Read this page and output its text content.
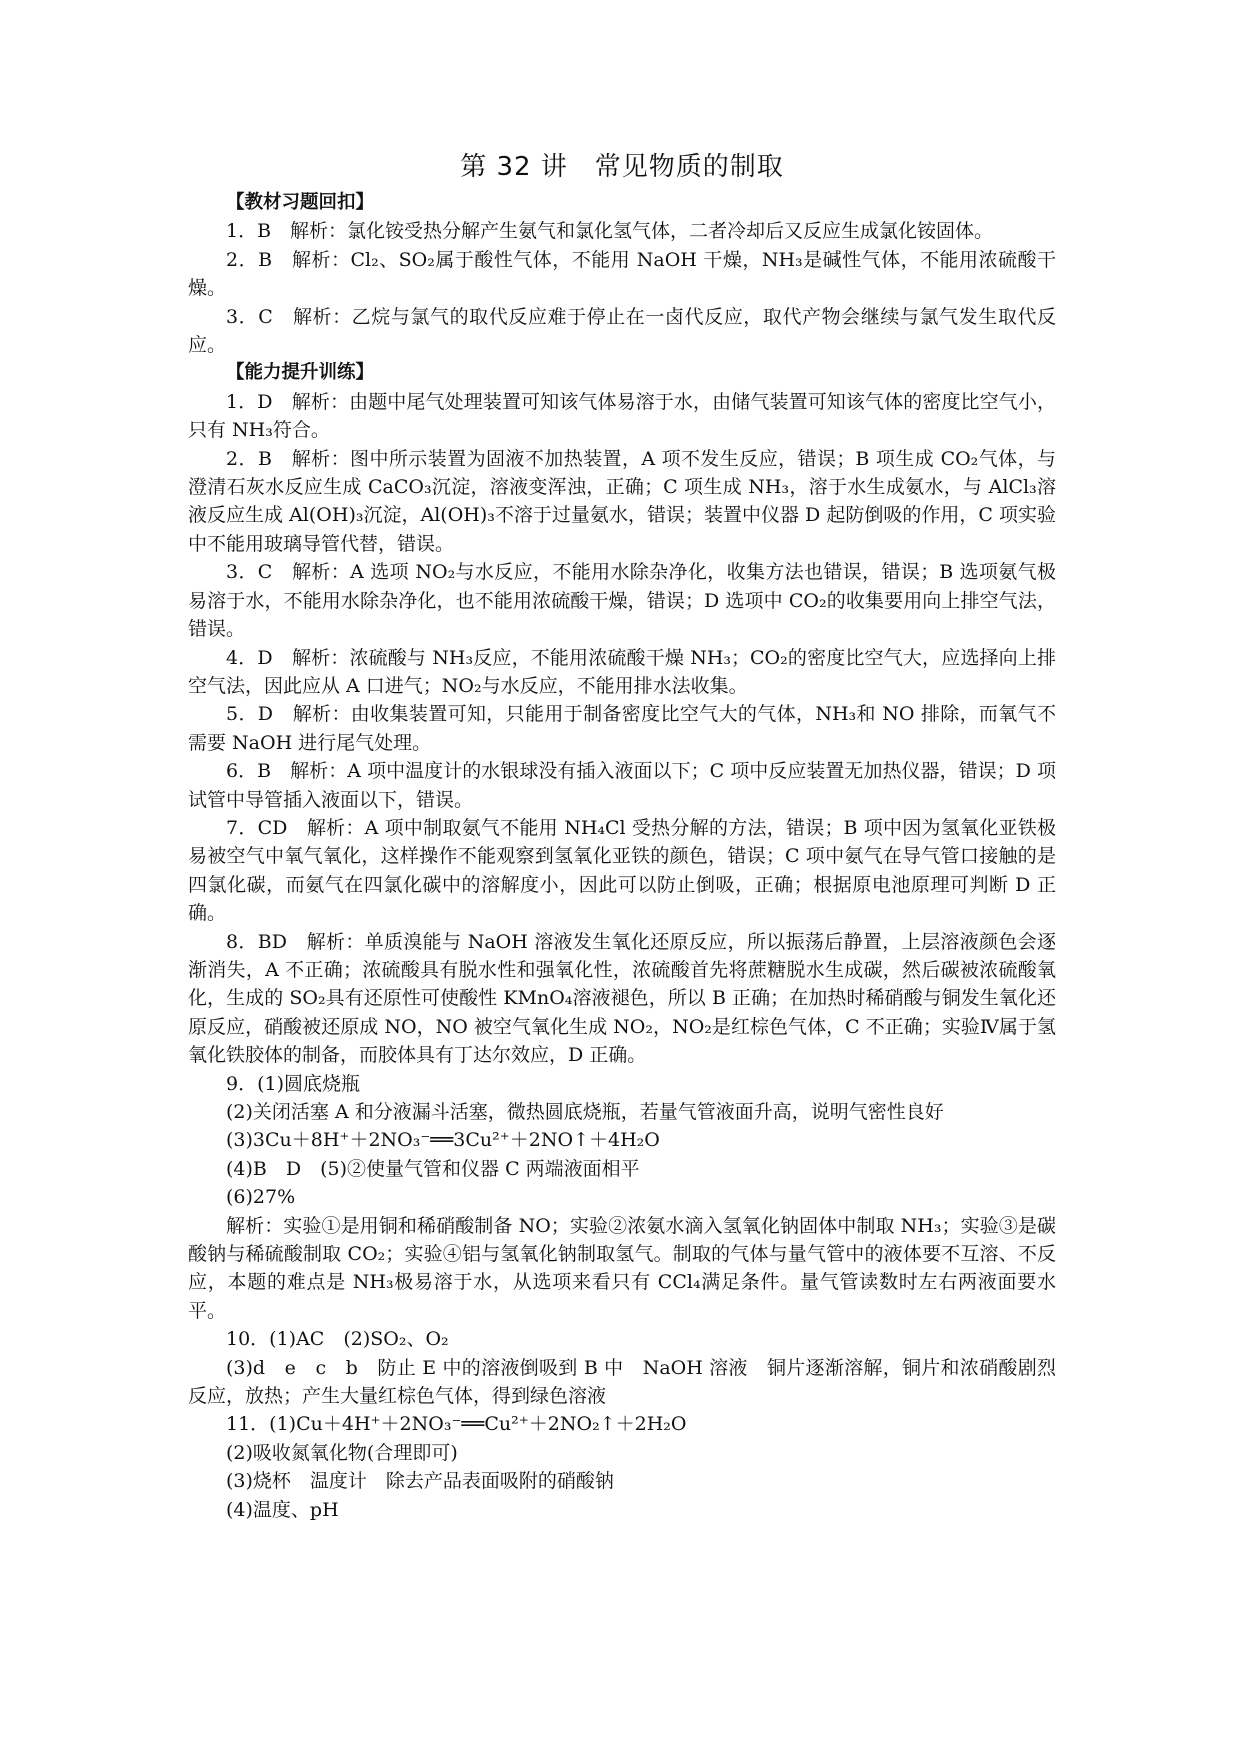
第 32 讲　常见物质的制取
【教材习题回扣】

1．B　解析：氯化铵受热分解产生氨气和氯化氢气体，二者冷却后又反应生成氯化铵固体。

2．B　解析：Cl₂、SO₂属于酸性气体，不能用 NaOH 干燥，NH₃是碱性气体，不能用浓硫酸干燥。

3．C　解析：乙烷与氯气的取代反应难于停止在一卤代反应，取代产物会继续与氯气发生取代反应。

【能力提升训练】

1．D　解析：由题中尾气处理装置可知该气体易溶于水，由储气装置可知该气体的密度比空气小，只有 NH₃符合。

2．B　解析：图中所示装置为固液不加热装置，A 项不发生反应，错误；B 项生成 CO₂气体，与澄清石灰水反应生成 CaCO₃沉淀，溶液变浑浊，正确；C 项生成 NH₃，溶于水生成氨水，与 AlCl₃溶液反应生成 Al(OH)₃沉淀，Al(OH)₃不溶于过量氨水，错误；装置中仪器 D 起防倒吸的作用，C 项实验中不能用玻璃导管代替，错误。

3．C　解析：A 选项 NO₂与水反应，不能用水除杂净化，收集方法也错误，错误；B 选项氨气极易溶于水，不能用水除杂净化，也不能用浓硫酸干燥，错误；D 选项中 CO₂的收集要用向上排空气法，错误。

4．D　解析：浓硫酸与 NH₃反应，不能用浓硫酸干燥 NH₃；CO₂的密度比空气大，应选择向上排空气法，因此应从 A 口进气；NO₂与水反应，不能用排水法收集。

5．D　解析：由收集装置可知，只能用于制备密度比空气大的气体，NH₃和 NO 排除，而氧气不需要 NaOH 进行尾气处理。

6．B　解析：A 项中温度计的水银球没有插入液面以下；C 项中反应装置无加热仪器，错误；D 项试管中导管插入液面以下，错误。

7．CD　解析：A 项中制取氨气不能用 NH₄Cl 受热分解的方法，错误；B 项中因为氢氧化亚铁极易被空气中氧气氧化，这样操作不能观察到氢氧化亚铁的颜色，错误；C 项中氨气在导气管口接触的是四氯化碳，而氨气在四氯化碳中的溶解度小，因此可以防止倒吸，正确；根据原电池原理可判断 D 正确。

8．BD　解析：单质溴能与 NaOH 溶液发生氧化还原反应，所以振荡后静置，上层溶液颜色会逐渐消失，A 不正确；浓硫酸具有脱水性和强氧化性，浓硫酸首先将蔗糖脱水生成碳，然后碳被浓硫酸氧化，生成的 SO₂具有还原性可使酸性 KMnO₄溶液褪色，所以 B 正确；在加热时稀硝酸与铜发生氧化还原反应，硝酸被还原成 NO，NO 被空气氧化生成 NO₂，NO₂是红棕色气体，C 不正确；实验Ⅳ属于氢氧化铁胶体的制备，而胶体具有丁达尔效应，D 正确。

9．(1)圆底烧瓶

(2)关闭活塞 A 和分液漏斗活塞，微热圆底烧瓶，若量气管液面升高，说明气密性良好

(3)3Cu＋8H⁺＋2NO₃⁻══3Cu²⁺＋2NO↑＋4H₂O

(4)B　D　(5)②使量气管和仪器 C 两端液面相平

(6)27%

解析：实验①是用铜和稀硝酸制备 NO；实验②浓氨水滴入氢氧化钠固体中制取 NH₃；实验③是碳酸钠与稀硫酸制取 CO₂；实验④铝与氢氧化钠制取氢气。制取的气体与量气管中的液体要不互溶、不反应，本题的难点是 NH₃极易溶于水，从选项来看只有 CCl₄满足条件。量气管读数时左右两液面要水平。

10．(1)AC　(2)SO₂、O₂

(3)d　e　c　b　防止 E 中的溶液倒吸到 B 中　NaOH 溶液　铜片逐渐溶解，铜片和浓硝酸剧烈反应，放热；产生大量红棕色气体，得到绿色溶液

11．(1)Cu＋4H⁺＋2NO₃⁻══Cu²⁺＋2NO₂↑＋2H₂O

(2)吸收氮氧化物(合理即可)

(3)烧杯　温度计　除去产品表面吸附的硝酸钠

(4)温度、pH
